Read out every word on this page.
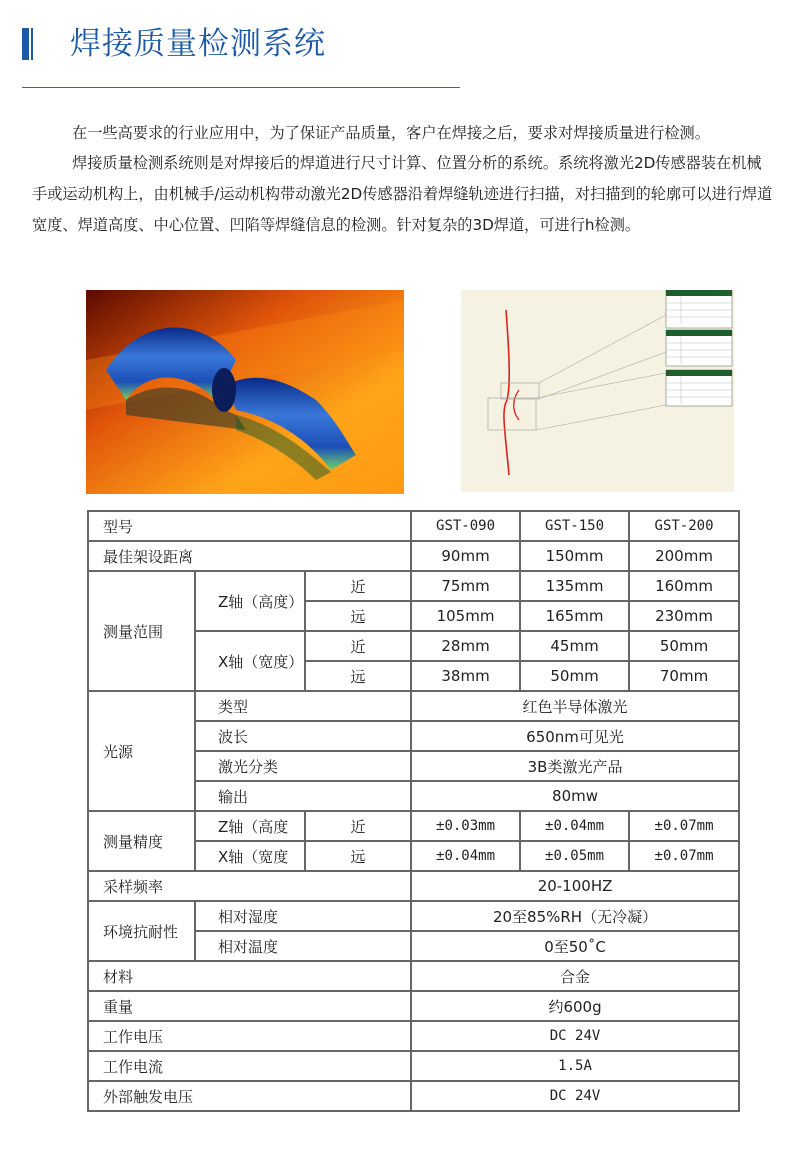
焊接质量检测系统
在一些高要求的行业应用中，为了保证产品质量，客户在焊接之后，要求对焊接质量进行检测。
焊接质量检测系统则是对焊接后的焊道进行尺寸计算、位置分析的系统。系统将激光2D传感器装在机械手或运动机构上，由机械手/运动机构带动激光2D传感器沿着焊缝轨迹进行扫描，对扫描到的轮廓可以进行焊道宽度、焊道高度、中心位置、凹陷等焊缝信息的检测。针对复杂的3D焊道，可进行h检测。
型号			GST-090	GST-150	GST-200
最佳架设距离			90mm	150mm	200mm
测量范围	Z轴（高度）	近	75mm	135mm	160mm
		远	105mm	165mm	230mm
	X轴（宽度）	近	28mm	45mm	50mm
		远	38mm	50mm	70mm
光源	类型		红色半导体激光		
	波长		650nm可见光		
	激光分类		3B类激光产品		
	输出		80mw		
测量精度	Z轴（高度	近	±0.03mm	±0.04mm	±0.07mm
	X轴（宽度	远	±0.04mm	±0.05mm	±0.07mm
采样频率			20-100HZ		
环境抗耐性	相对湿度		20至85%RH（无冷凝）		
	相对温度		0至50˚C		
材料			合金		
重量			约600g		
工作电压			DC 24V		
工作电流			1.5A		
外部触发电压			DC 24V		
